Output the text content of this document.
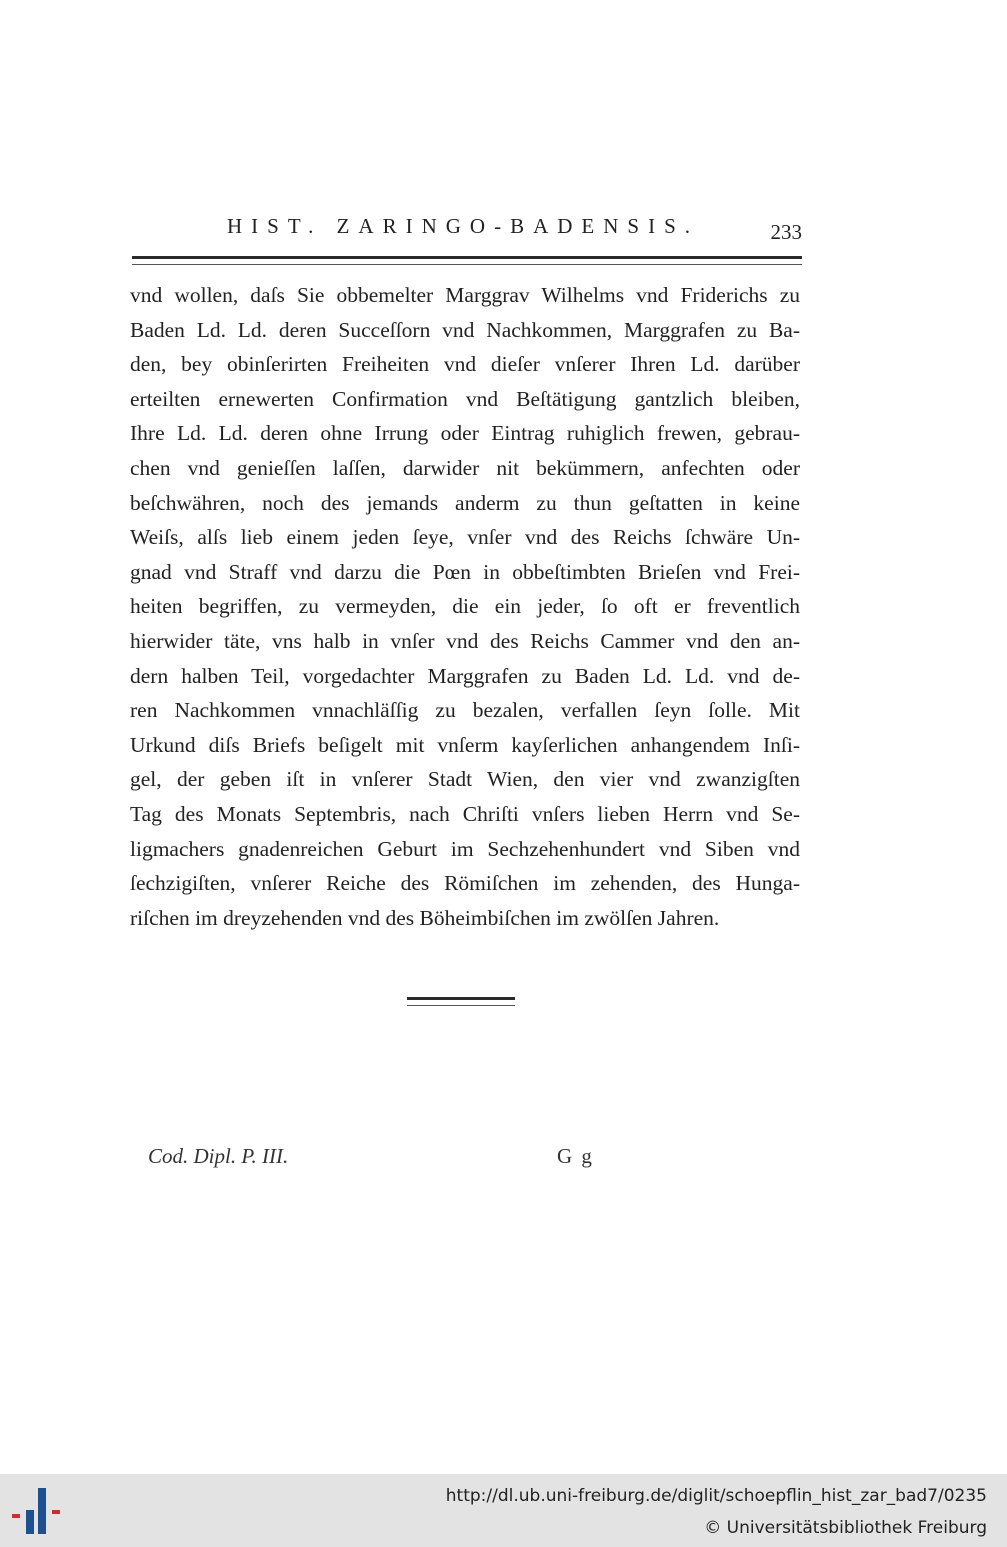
HIST. ZARINGO-BADENSIS.	233
vnd wollen, daſs Sie obbemelter Marggrav Wilhelms vnd Friderichs zu
Baden Ld. Ld. deren Succeſſorn vnd Nachkommen, Marggrafen zu Ba-
den, bey obinſerirten Freiheiten vnd dieſer vnſerer Ihren Ld. darüber
erteilten ernewerten Confirmation vnd Beſtätigung gantzlich bleiben,
Ihre Ld. Ld. deren ohne Irrung oder Eintrag ruhiglich frewen, gebrau-
chen vnd genieſſen laſſen, darwider nit bekümmern, anfechten oder
beſchwähren, noch des jemands anderm zu thun geſtatten in keine
Weiſs, alſs lieb einem jeden ſeye, vnſer vnd des Reichs ſchwäre Un-
gnad vnd Straff vnd darzu die Pœn in obbeſtimbten Brieſen vnd Frei-
heiten begriffen, zu vermeyden, die ein jeder, ſo oft er freventlich
hierwider täte, vns halb in vnſer vnd des Reichs Cammer vnd den an-
dern halben Teil, vorgedachter Marggrafen zu Baden Ld. Ld. vnd de-
ren Nachkommen vnnachläſſig zu bezalen, verfallen ſeyn ſolle. Mit
Urkund diſs Briefs beſigelt mit vnſerm kayſerlichen anhangendem Inſi-
gel, der geben iſt in vnſerer Stadt Wien, den vier vnd zwanzigſten
Tag des Monats Septembris, nach Chriſti vnſers lieben Herrn vnd Se-
ligmachers gnadenreichen Geburt im Sechzehenhundert vnd Siben vnd
ſechzigiſten, vnſerer Reiche des Römiſchen im zehenden, des Hunga-
riſchen im dreyzehenden vnd des Böheimbiſchen im zwölſen Jahren.
Cod. Dipl. P. III.	G g
http://dl.ub.uni-freiburg.de/diglit/schoepflin_hist_zar_bad7/0235
© Universitätsbibliothek Freiburg
